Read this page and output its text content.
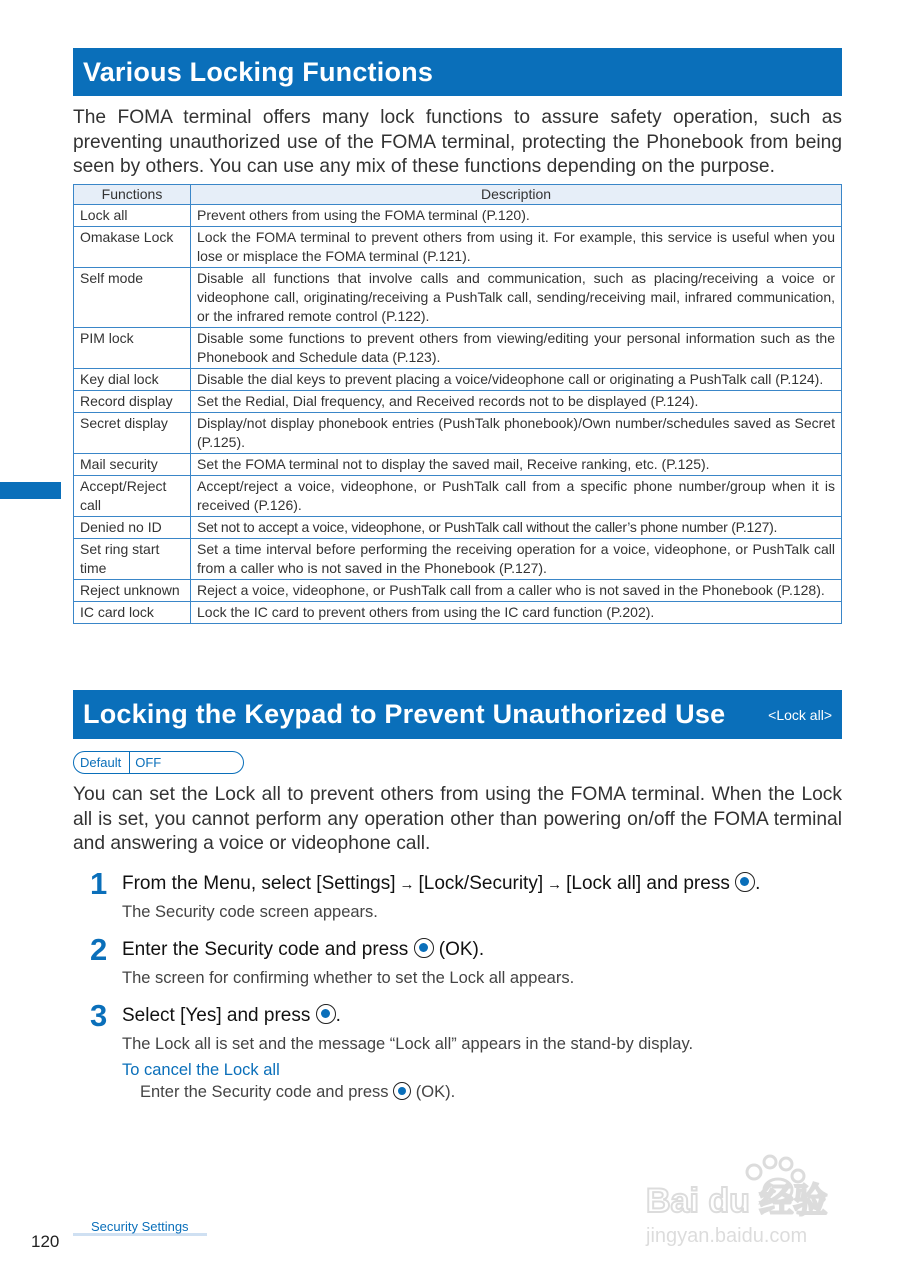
Various Locking Functions

The FOMA terminal offers many lock functions to assure safety operation, such as preventing unauthorized use of the FOMA terminal, protecting the Phonebook from being seen by others. You can use any mix of these functions depending on the purpose.

Functions	Description
Lock all	Prevent others from using the FOMA terminal (P.120).
Omakase Lock	Lock the FOMA terminal to prevent others from using it. For example, this service is useful when you lose or misplace the FOMA terminal (P.121).
Self mode	Disable all functions that involve calls and communication, such as placing/receiving a voice or videophone call, originating/receiving a PushTalk call, sending/receiving mail, infrared communication, or the infrared remote control (P.122).
PIM lock	Disable some functions to prevent others from viewing/editing your personal information such as the Phonebook and Schedule data (P.123).
Key dial lock	Disable the dial keys to prevent placing a voice/videophone call or originating a PushTalk call (P.124).
Record display	Set the Redial, Dial frequency, and Received records not to be displayed (P.124).
Secret display	Display/not display phonebook entries (PushTalk phonebook)/Own number/schedules saved as Secret (P.125).
Mail security	Set the FOMA terminal not to display the saved mail, Receive ranking, etc. (P.125).
Accept/Reject call	Accept/reject a voice, videophone, or PushTalk call from a specific phone number/group when it is received (P.126).
Denied no ID	Set not to accept a voice, videophone, or PushTalk call without the caller’s phone number (P.127).
Set ring start time	Set a time interval before performing the receiving operation for a voice, videophone, or PushTalk call from a caller who is not saved in the Phonebook (P.127).
Reject unknown	Reject a voice, videophone, or PushTalk call from a caller who is not saved in the Phonebook (P.128).
IC card lock	Lock the IC card to prevent others from using the IC card function (P.202).
Locking the Keypad to Prevent Unauthorized Use	<Lock all>
Default	OFF

You can set the Lock all to prevent others from using the FOMA terminal. When the Lock all is set, you cannot perform any operation other than powering on/off the FOMA terminal and answering a voice or videophone call.

1 From the Menu, select [Settings] → [Lock/Security] → [Lock all] and press .
The Security code screen appears.
2 Enter the Security code and press (OK).
The screen for confirming whether to set the Lock all appears.
3 Select [Yes] and press .
The Lock all is set and the message “Lock all” appears in the stand-by display.
To cancel the Lock all
Enter the Security code and press (OK).
Bai du 经验
jingyan.baidu.com
Security Settings
120
